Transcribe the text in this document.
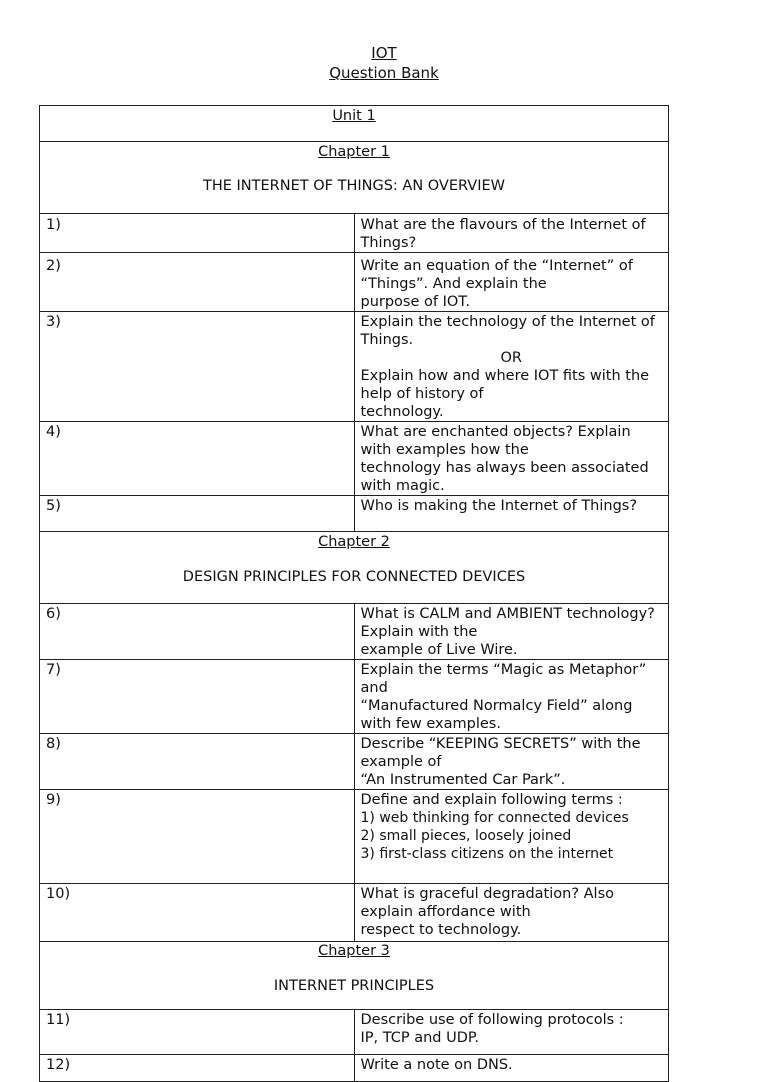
IOT
Question Bank
Unit 1	

Chapter 1
THE INTERNET OF THINGS: AN OVERVIEW	

1)	What are the flavours of the Internet of Things?

2)	Write an equation of the “Internet” of “Things”. And explain the
purpose of IOT.

3)	Explain the technology of the Internet of Things.
OR
Explain how and where IOT fits with the help of history of
technology.

4)	What are enchanted objects? Explain with examples how the
technology has always been associated with magic.

5)	Who is making the Internet of Things?

Chapter 2
DESIGN PRINCIPLES FOR CONNECTED DEVICES	

6)	What is CALM and AMBIENT technology? Explain with the
example of Live Wire.

7)	Explain the terms “Magic as Metaphor” and
“Manufactured Normalcy Field” along with few examples.

8)	Describe “KEEPING SECRETS” with the example of
“An Instrumented Car Park”.

9)	Define and explain following terms :
1) web thinking for connected devices
2) small pieces, loosely joined
3) first-class citizens on the internet

10)	What is graceful degradation? Also explain affordance with
respect to technology.

Chapter 3
INTERNET PRINCIPLES	

11)	Describe use of following protocols :
IP, TCP and UDP.

12)	Write a note on DNS.
